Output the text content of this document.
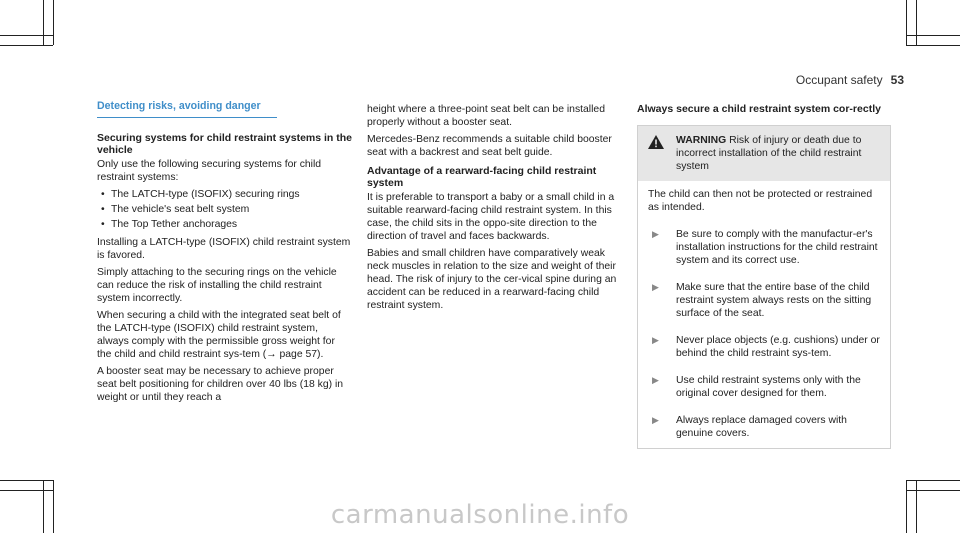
Occupant safety 53
Detecting risks, avoiding danger
Securing systems for child restraint systems in the vehicle

Only use the following securing systems for child restraint systems:

• The LATCH-type (ISOFIX) securing rings
• The vehicle's seat belt system
• The Top Tether anchorages

Installing a LATCH-type (ISOFIX) child restraint system is favored.

Simply attaching to the securing rings on the vehicle can reduce the risk of installing the child restraint system incorrectly.

When securing a child with the integrated seat belt of the LATCH-type (ISOFIX) child restraint system, always comply with the permissible gross weight for the child and child restraint sys-tem (→ page 57).

A booster seat may be necessary to achieve proper seat belt positioning for children over 40 lbs (18 kg) in weight or until they reach a

height where a three-point seat belt can be installed properly without a booster seat.

Mercedes-Benz recommends a suitable child booster seat with a backrest and seat belt guide.

Advantage of a rearward-facing child restraint system

It is preferable to transport a baby or a small child in a suitable rearward-facing child restraint system. In this case, the child sits in the oppo-site direction to the direction of travel and faces backwards.

Babies and small children have comparatively weak neck muscles in relation to the size and weight of their head. The risk of injury to the cer-vical spine during an accident can be reduced in a rearward-facing child restraint system.

Always secure a child restraint system cor-rectly
WARNING Risk of injury or death due to incorrect installation of the child restraint system

The child can then not be protected or restrained as intended.

▶	Be sure to comply with the manufactur-er's installation instructions for the child restraint system and its correct use.
▶	Make sure that the entire base of the child restraint system always rests on the sitting surface of the seat.
▶	Never place objects (e.g. cushions) under or behind the child restraint sys-tem.
▶	Use child restraint systems only with the original cover designed for them.
▶	Always replace damaged covers with genuine covers.
carmanualsonline.info
